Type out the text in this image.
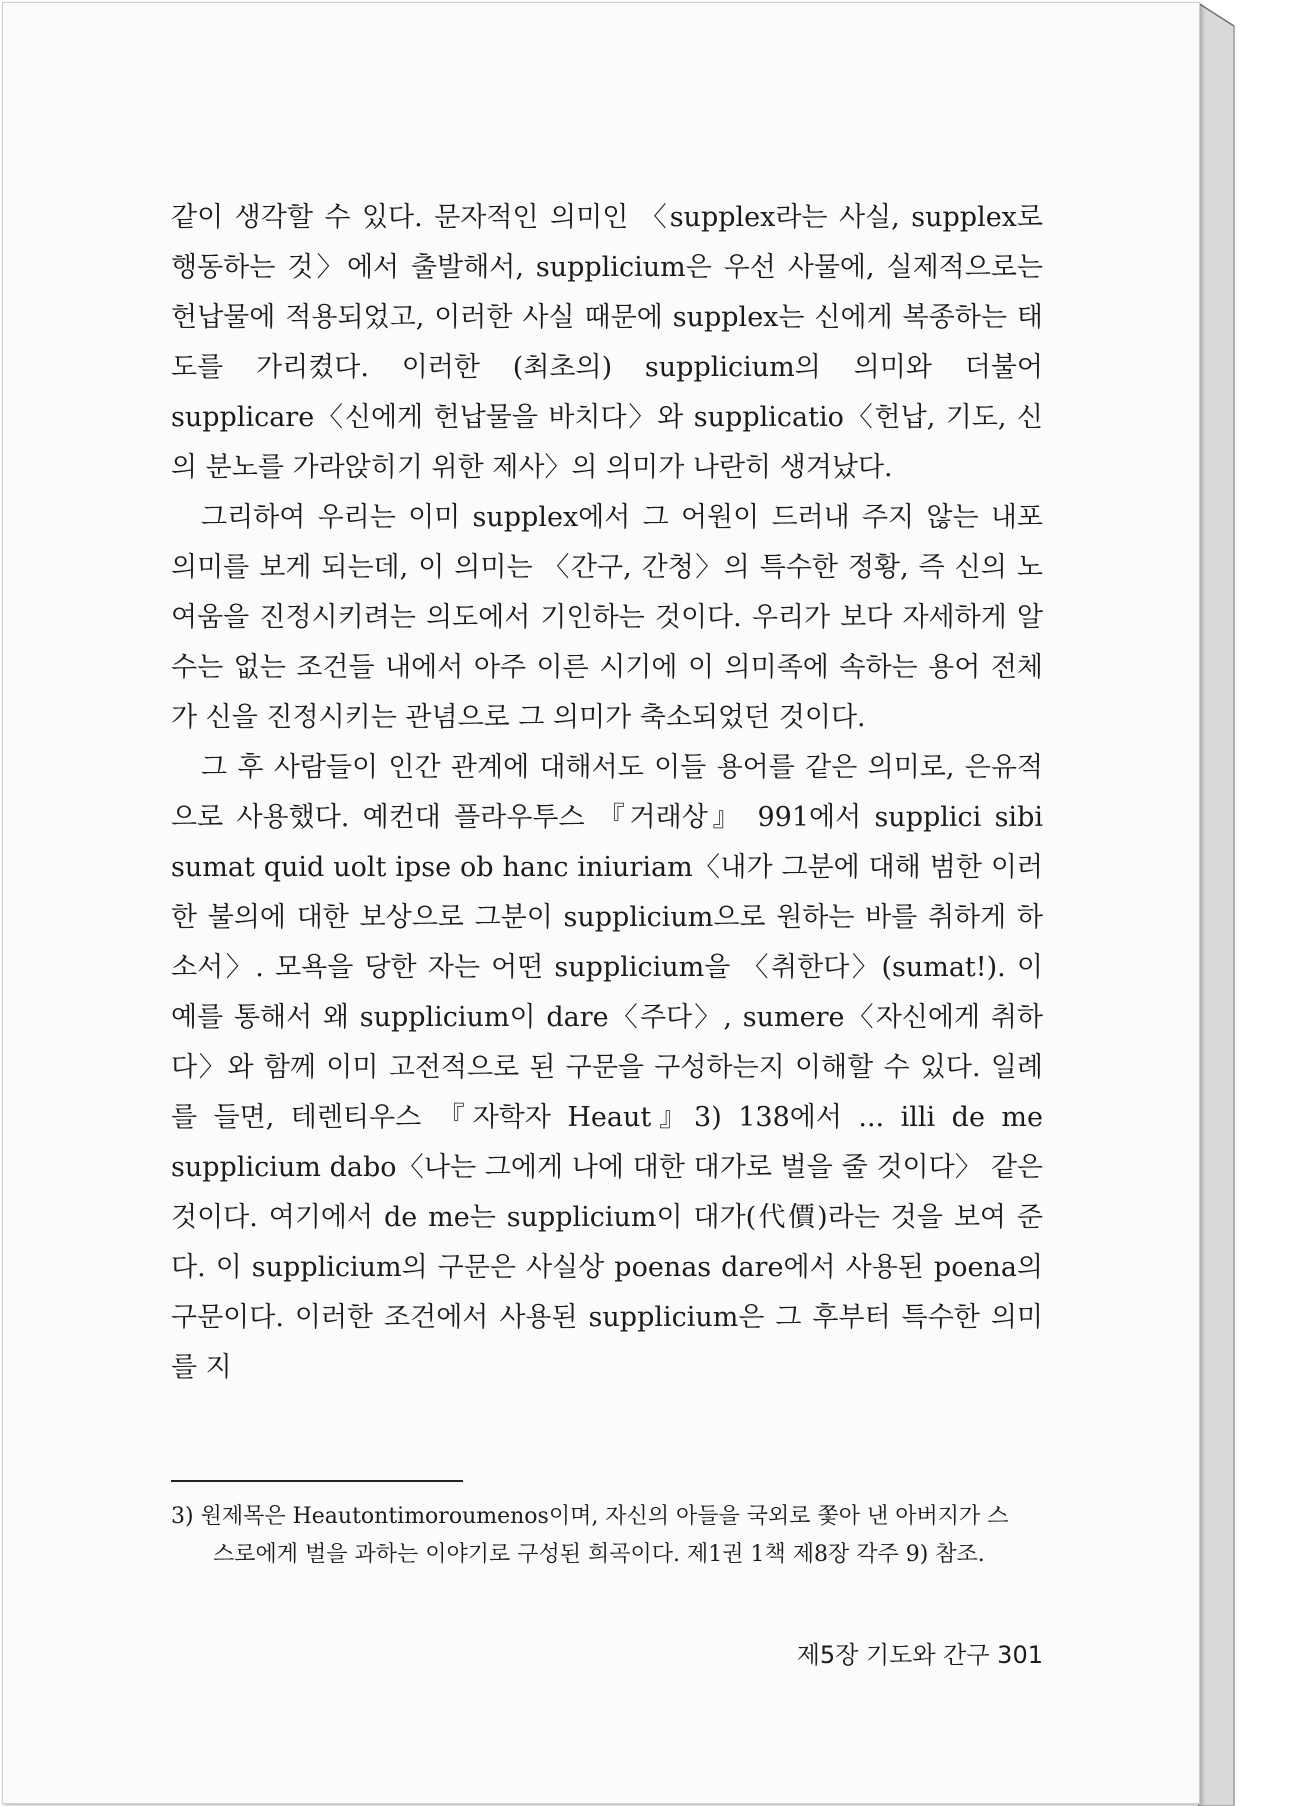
같이 생각할 수 있다. 문자적인 의미인 〈supplex라는 사실, supplex로 행동하는 것〉에서 출발해서, supplicium은 우선 사물에, 실제적으로는 헌납물에 적용되었고, 이러한 사실 때문에 supplex는 신에게 복종하는 태도를 가리켰다. 이러한 (최초의) supplicium의 의미와 더불어 supplicare〈신에게 헌납물을 바치다〉와 supplicatio〈헌납, 기도, 신의 분노를 가라앉히기 위한 제사〉의 의미가 나란히 생겨났다.

그리하여 우리는 이미 supplex에서 그 어원이 드러내 주지 않는 내포 의미를 보게 되는데, 이 의미는 〈간구, 간청〉의 특수한 정황, 즉 신의 노여움을 진정시키려는 의도에서 기인하는 것이다. 우리가 보다 자세하게 알 수는 없는 조건들 내에서 아주 이른 시기에 이 의미족에 속하는 용어 전체가 신을 진정시키는 관념으로 그 의미가 축소되었던 것이다.

그 후 사람들이 인간 관계에 대해서도 이들 용어를 같은 의미로, 은유적으로 사용했다. 예컨대 플라우투스 『거래상』 991에서 supplici sibi sumat quid uolt ipse ob hanc iniuriam〈내가 그분에 대해 범한 이러한 불의에 대한 보상으로 그분이 supplicium으로 원하는 바를 취하게 하소서〉. 모욕을 당한 자는 어떤 supplicium을 〈취한다〉(sumat!). 이 예를 통해서 왜 supplicium이 dare〈주다〉, sumere〈자신에게 취하다〉와 함께 이미 고전적으로 된 구문을 구성하는지 이해할 수 있다. 일례를 들면, 테렌티우스 『자학자 Heaut』3) 138에서 ... illi de me supplicium dabo〈나는 그에게 나에 대한 대가로 벌을 줄 것이다〉 같은 것이다. 여기에서 de me는 supplicium이 대가(代價)라는 것을 보여 준다. 이 supplicium의 구문은 사실상 poenas dare에서 사용된 poena의 구문이다. 이러한 조건에서 사용된 supplicium은 그 후부터 특수한 의미를 지

3) 원제목은 Heautontimoroumenos이며, 자신의 아들을 국외로 쫓아 낸 아버지가 스
스로에게 벌을 과하는 이야기로 구성된 희곡이다. 제1권 1책 제8장 각주 9) 참조.
제5장 기도와 간구 301
